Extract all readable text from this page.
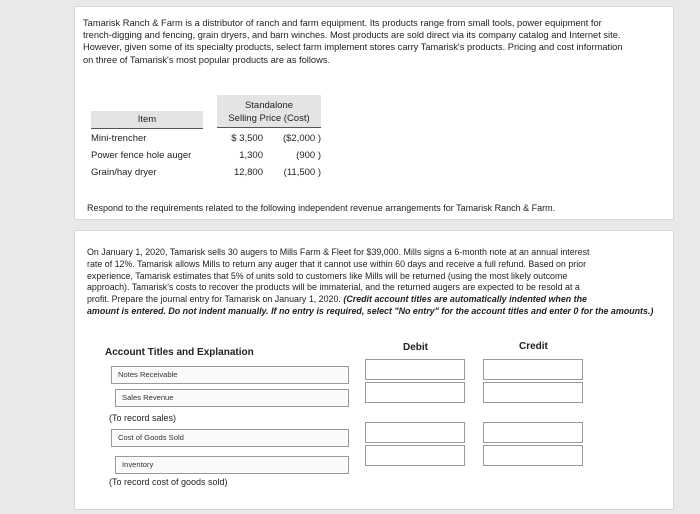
Tamarisk Ranch & Farm is a distributor of ranch and farm equipment. Its products range from small tools, power equipment for
trench-digging and fencing, grain dryers, and barn winches. Most products are sold direct via its company catalog and Internet site.
However, given some of its specialty products, select farm implement stores carry Tamarisk's products. Pricing and cost information
on three of Tamarisk's most popular products are as follows.
Item
Standalone
Selling Price (Cost)
Mini-trencher	$ 3,500	($2,000 )
Power fence hole auger	1,300	(900 )
Grain/hay dryer	12,800	(11,500 )
Respond to the requirements related to the following independent revenue arrangements for Tamarisk Ranch & Farm.
On January 1, 2020, Tamarisk sells 30 augers to Mills Farm & Fleet for $39,000. Mills signs a 6-month note at an annual interest
rate of 12%. Tamarisk allows Mills to return any auger that it cannot use within 60 days and receive a full refund. Based on prior
experience, Tamarisk estimates that 5% of units sold to customers like Mills will be returned (using the most likely outcome
approach). Tamarisk's costs to recover the products will be immaterial, and the returned augers are expected to be resold at a
profit. Prepare the journal entry for Tamarisk on January 1, 2020. (Credit account titles are automatically indented when the
amount is entered. Do not indent manually. If no entry is required, select "No entry" for the account titles and enter 0 for the amounts.)
Account Titles and Explanation	Debit	Credit
Notes Receivable
Sales Revenue
(To record sales)
Cost of Goods Sold
Inventory
(To record cost of goods sold)
